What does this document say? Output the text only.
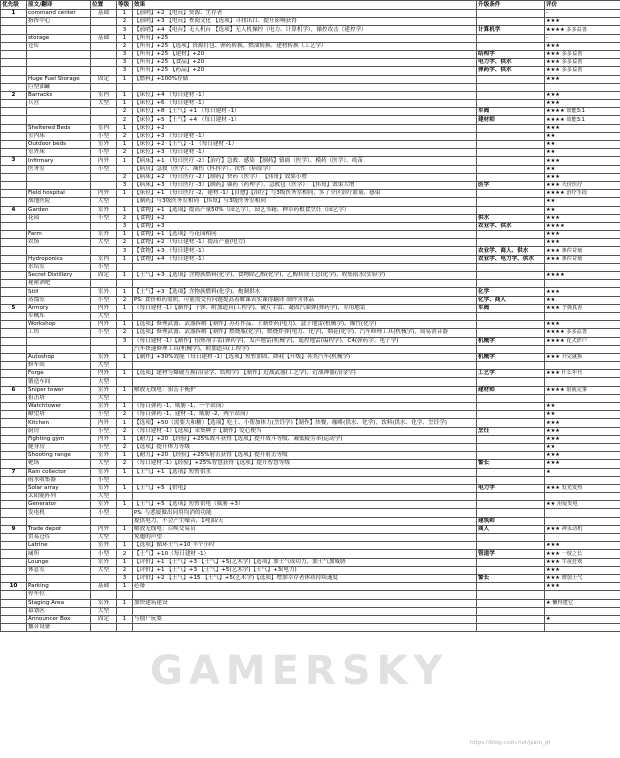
优先级	原文/翻译	位置	等级	效果	升级条件	评价
1	command center	基础	1	【前哨】+2 【电台】资源、生存者		-
	指挥中心		2	【前哨】+3 【电台】查阅文化 【选项】寻找出口、提升影响获得		★★★
			3	【前哨】+4 【电台】无人机台 【选项】无人机操控（电力、计算机学），操控攻击（建控学）	计算机学	★★★★ 多多益善
	storage	基础	1	【所有】+25		-
	仓库		2	【所有】+25 【选项】资源打包、弹药转换、燃油转换、建材转换（工艺学）		★★★
			3	【所有】+25 【建材】+20	结构学	★★★ 多多益善
			3	【所有】+25 【食品】+20	电力学、供水	★★★ 多多益善
			3	【所有】+25 【药品】+20	弹药学、供水	★★★ 多多益善
	Huge Fuel Storage	固定	1	【燃料】+100%存储		★★★
	巨型油罐					
2	Barracks	室内	1	【床位】+4 （每日建材 -1）		★★★
	兵营	大型	1	【床位】+6 （每日建材 -1）		★★★
			2	【床位】+8 【士气】+1 （每日建材 -1）	军阀	★★★★ 效能3:1
			2	【床位】+5 【士气】+4 （每日建材 -1）	建材师	★★★★ 效能3:1
	Sheltered Beds	室内	1	【床位】+2		★★★
	室内床	小型	2	【床位】+3 （每日建材 -1）		★★
	Outdoor beds	室外	1	【床位】+2 【士气】-1 （每日建材 -1）		★★
	室外床	小型	2	【床位】+3 （每日建材 -1）		★★
3	Infirmary	内外	1	【病床】+1 （每日医疗 -2）【治疗】急救、感染 【制药】镇痛（医学）、模药（医学）、疫苗		★★★
	医务室	小型		【病房】急救（医学）、减伤（抖抖学）、抗性（病原学）		★★
			2	【病床】+2 （每日医疗 -2）【制药】快药（医学） 【伟哥】效果小增		★★★
			3	【病床】+3 （每日医疗 -3）【制药】强药（药理学）、急救包（医学） 【伟哥】效果大增	医学	★★★ 天价医疗
	Field hospital	内外	1	【床位】+1 （每日医疗 -2，建材 -1）【自愈】【治疗】与3级医务室相同，多了全区治疗血量、感染		★★★★ 治疗手段
	战地医院	大型		【制药】与3级医务室相同 【伟哥】与3级医务室相同		★★
4	Garden	室外	1	【食物】+1 【选项】提高产量50%（园艺学），园艺书籍、种草药根食烹饪（园艺学）		★★
	花园	小型	2	【食物】+2	供水	★★★
			3	【食物】+3	农业学、供水	★★★★
	Farm	室外	1	【食物】+1 【选项】与花园相同		★★★
	农场	大型	2	【食物】+2 （每日建材 -1）提高产量(电力)		★★★
			3	【食物】+3 （每日建材 -1）	农业学、商人、供水	★★★ 条件苛刻
	Hydroponics	室内	1	【食物】+4 （每日建材 -1）	农业学、电力学、供水	★★★ 条件苛刻
	水培室	小型				
	Secret Distillery	固定	1	【士气】+3 【选项】含物族燃料(化学)，食物除乙醇(化学)，乙醇转成士总(化学)，收集雨水(实验学)		★★★★
	秘密酒吧					
	Still	室外	1	【士气】+3 【选项】含物族燃料(化学)，炮制供水	化学	★★★
	蒸馏室	小型	2	PS: 食骨和药需照，可能需交有问题提高着解课表实课得翻译 制作害体品	化学、商人	★★
5	Armory	内外	1	（每日建材 -1）【制作】子弹、附加道具(工程学)、破片手雷、凝固汽油弹(弹药学)，军用地雷	军阀	★★★ 子弹真香
	军械库	大型				
	Workshop	内外	1	【选项】修理武器、武器拆解【制作】苏打作品、土制炸药(电力)，盒子地雷(机械学)，爆竹(化学)		★★★
	工坊	小型	2	【选项】修理武器、武器拆解【制作】燃烧瓶(化学)，燃烧炸弹(电力、化学)，烟花(化学)，汽车修理工具(机械学)，简易消音器		★★★★ 多多益善
			3	（每日建材 -1）【制作】招热剂手雷(弹药学)，发声地雷(机械学)，遥控地雷(编程学)，C4(弹药学、电子学)	机械学	★★★★ 花式炸户
				汽车快速修理工具(机械学)，附加道具(工程学)		
	Autoshop	室外	1	【制作】+30%效能（每日建材 -1）【选项】短暂加固、降耗【升级】各类汽车(机械学)	机械学	★★★ 升完就拆
	修车间	大型				
	Forge	内外	1	【选项】建材与爆破互换(冶金学、结构学) 【制作】近战武器(工艺学)，近战神器(冶金学)	工艺学	★★★ 什么年代
	锻造车间	大型				
6	Sniper tower	室外	1	解放无线电：狙击手掩护	建材师	★★★★ 射就完事
	狙击塔	大型				
	Watchtower	室外	1	（每日弹药 -1，威胁 -1，一个站岗）		★★
	瞭望塔	小型	2	（每日弹药 -1，建材 -1，威胁 -2，两个站岗）		★★
	Kitchen	内外	1	【选项】+50（需要大和糖）【选项】吃土、小帮加体力(烹饪学)【制作】快餐，咖啡(供水、化学)，饮料(供水、化学、烹饪学)		★★★
	厨房	小型	2	（每日建材 -1）【选项】采集种子【制作】爱心便当	烹饪	★★★
	Fighting gym	内外	1	【耐力】+20 【经验】+25%战斗获得【选项】提升战斗等级、减低疲劳率(运动学)		★★★
	健身房	小型	2	【选项】提升体力等级		★★
	Shooting range	室外	1	【耐力】+20 【经验】+25%射击获得【选项】提升射击等级		★★★
	靶场	大型	2	（每日建材 -1）【经验】+25%智慧获得【选项】提升智慧等级	警长	★★★
7	Rain collector	室外	1	【士气】+1 【选项】短暂供水		★
	雨水收集器	小型				
	Solar array	室外	1	【士气】+5 【供电】	电力学	★★★ 发光发热
	太阳能阵列	大型				
	Generator	室外	1	【士气】+5 【选项】短暂供电（威胁 +3）		★★ 用爱发电
	发电机	小型		PS: 与悉厦做出同用均消的功能		
				提供电力，不会产生噪音，1吨油/天	建筑师	
9	Trade depot	内外	1	解放无线电：召唤交易员	商人	★★★ 神永动机
	贸易仓库	大型		免邀的声望		
	Latrine	室外	1	【选项】循环士气+10 半个小时		★★★
	厕所	小型	2	【士气】+10（每日建材 -1）	管道学	★★★ 一枝之长
	Lounge	室外	1	【评价】+1 【士气】+3 【士气】+5(艺术学)【选项】加士气成功力、加士气加威胁		★★★ 午夜狂欢
	休息室	大型	2	【评价】+1 【士气】+3 【士气】+5(艺术学)【士气】+3(电力)		★★★
			3	【评价】+2 【士气】+15 【士气】+5(艺术学)【选项】增加幸存者体质持续速度	警长	★★★ 增加士气
10	Parking	基础	1	必备		★★★
	停车位					
	Staging Area	室外	1	加快建筑建设		★ 懒得建它
	幕划区	大型				
	Announcer Box	固定	1	与僵尸玩耍		★
	播音设备					
GAMERSKY
https://blog.csdn.net/jsam_gf
